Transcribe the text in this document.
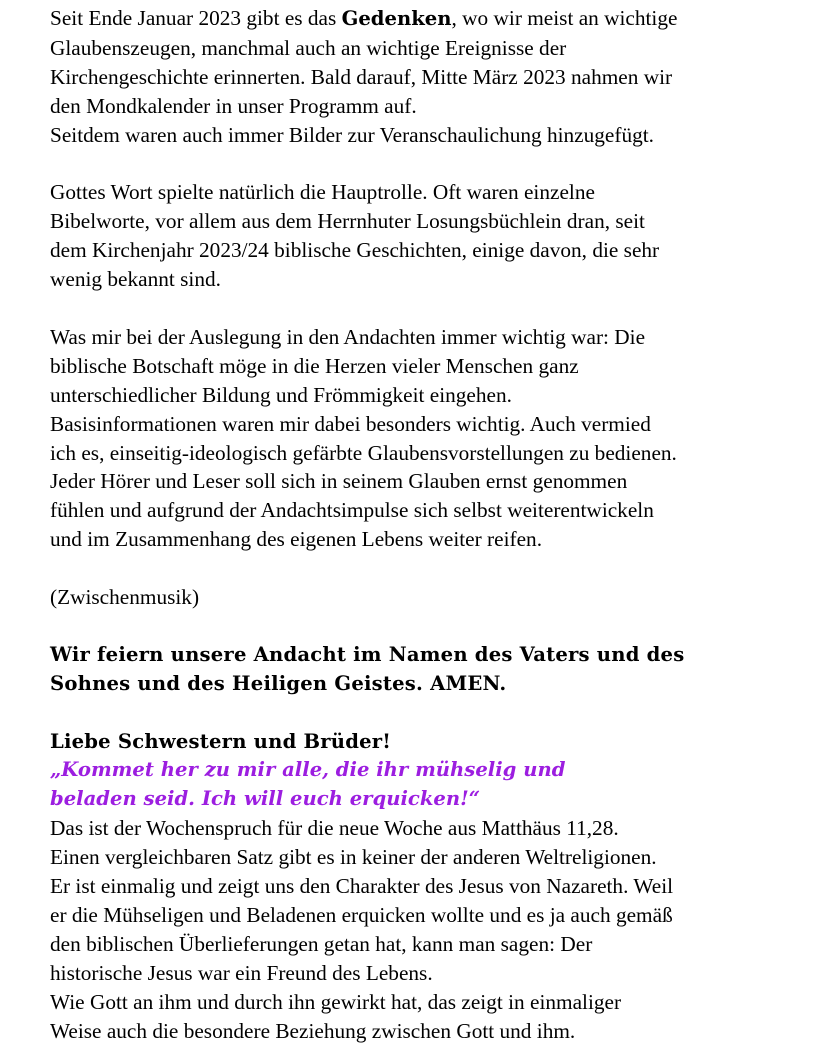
Seit Ende Januar 2023 gibt es das Gedenken, wo wir meist an wichtige
Glaubenszeugen, manchmal auch an wichtige Ereignisse der
Kirchengeschichte erinnerten. Bald darauf, Mitte März 2023 nahmen wir
den Mondkalender in unser Programm auf.
Seitdem waren auch immer Bilder zur Veranschaulichung hinzugefügt.
Gottes Wort spielte natürlich die Hauptrolle. Oft waren einzelne
Bibelworte, vor allem aus dem Herrnhuter Losungsbüchlein dran, seit
dem Kirchenjahr 2023/24 biblische Geschichten, einige davon, die sehr
wenig bekannt sind.
Was mir bei der Auslegung in den Andachten immer wichtig war: Die
biblische Botschaft möge in die Herzen vieler Menschen ganz
unterschiedlicher Bildung und Frömmigkeit eingehen.
Basisinformationen waren mir dabei besonders wichtig. Auch vermied
ich es, einseitig-ideologisch gefärbte Glaubensvorstellungen zu bedienen.
Jeder Hörer und Leser soll sich in seinem Glauben ernst genommen
fühlen und aufgrund der Andachtsimpulse sich selbst weiterentwickeln
und im Zusammenhang des eigenen Lebens weiter reifen.
(Zwischenmusik)
Wir feiern unsere Andacht im Namen des Vaters und des
Sohnes und des Heiligen Geistes. AMEN.
Liebe Schwestern und Brüder!
„Kommet her zu mir alle, die ihr mühselig und
beladen seid. Ich will euch erquicken!“
Das ist der Wochenspruch für die neue Woche aus Matthäus 11,28.
Einen vergleichbaren Satz gibt es in keiner der anderen Weltreligionen.
Er ist einmalig und zeigt uns den Charakter des Jesus von Nazareth. Weil
er die Mühseligen und Beladenen erquicken wollte und es ja auch gemäß
den biblischen Überlieferungen getan hat, kann man sagen: Der
historische Jesus war ein Freund des Lebens.
Wie Gott an ihm und durch ihn gewirkt hat, das zeigt in einmaliger
Weise auch die besondere Beziehung zwischen Gott und ihm.
